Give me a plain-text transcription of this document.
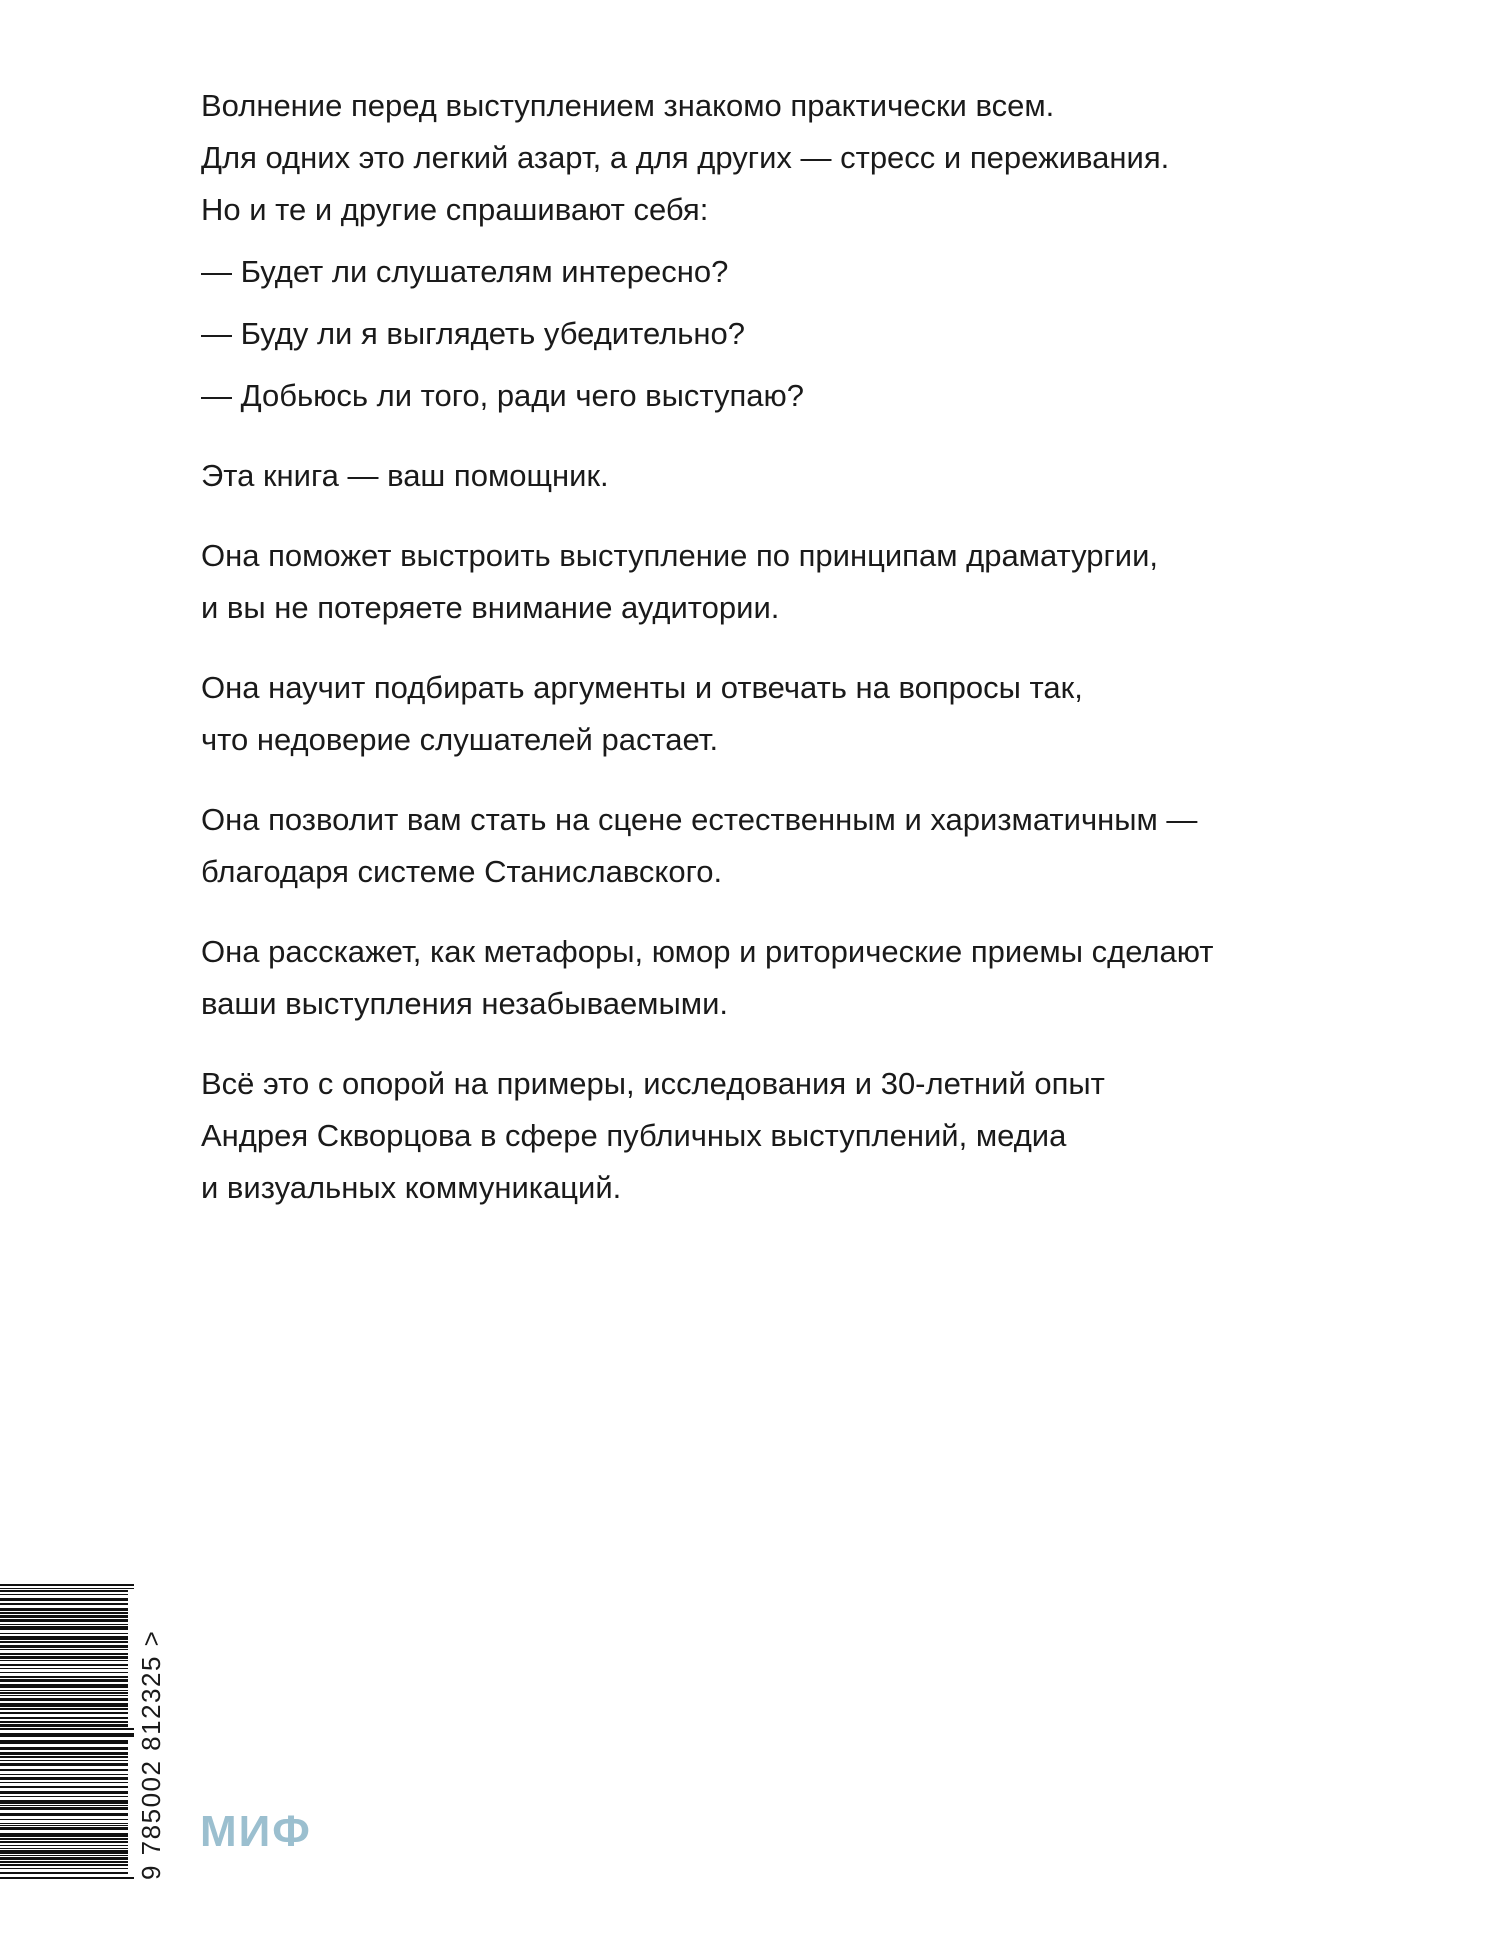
Волнение перед выступлением знакомо практически всем.
Для одних это легкий азарт, а для других — стресс и переживания.
Но и те и другие спрашивают себя:
— Будет ли слушателям интересно?
— Буду ли я выглядеть убедительно?
— Добьюсь ли того, ради чего выступаю?
Эта книга — ваш помощник.
Она поможет выстроить выступление по принципам драматургии,
и вы не потеряете внимание аудитории.
Она научит подбирать аргументы и отвечать на вопросы так,
что недоверие слушателей растает.
Она позволит вам стать на сцене естественным и харизматичным —
благодаря системе Станиславского.
Она расскажет, как метафоры, юмор и риторические приемы сделают
ваши выступления незабываемыми.
Всё это с опорой на примеры, исследования и 30-летний опыт
Андрея Скворцова в сфере публичных выступлений, медиа
и визуальных коммуникаций.
9 785002 812325 > МИФ
